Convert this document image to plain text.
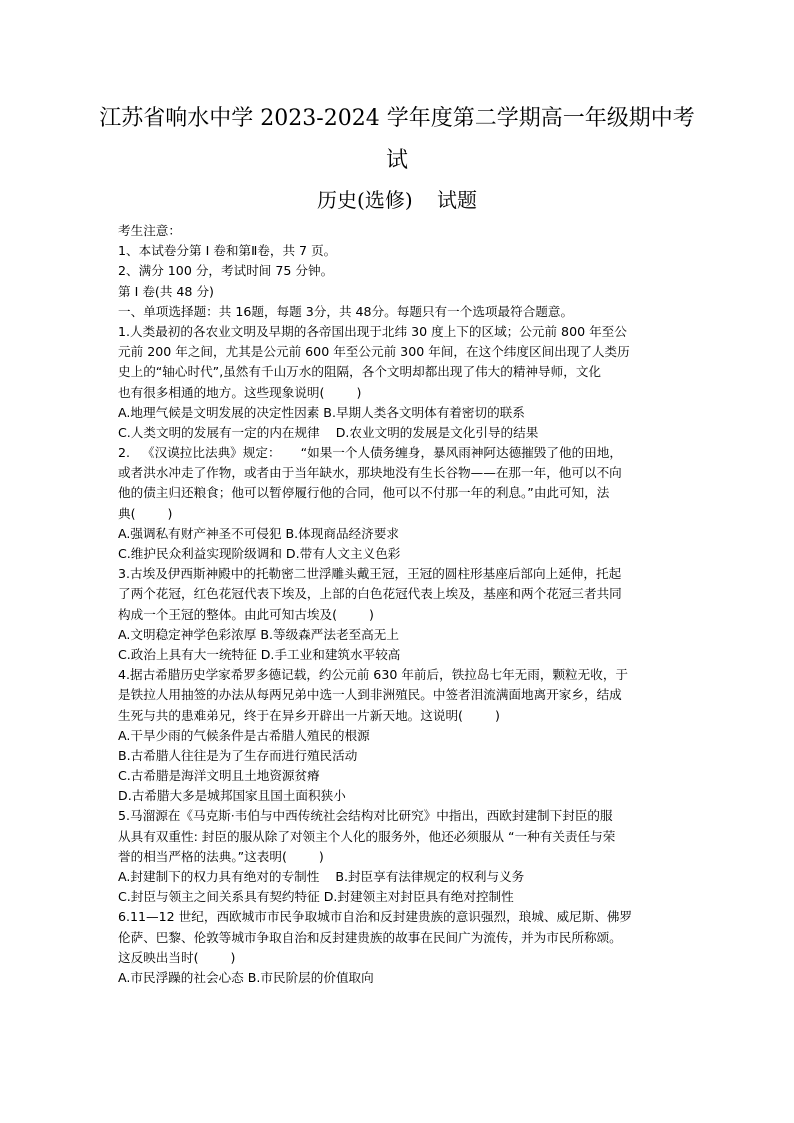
江苏省响水中学 2023-2024 学年度第二学期高一年级期中考
试
历史(选修) 试题
考生注意：
1、本试卷分第 I 卷和第Ⅱ卷，共 7 页。
2、满分 100 分，考试时间 75 分钟。
第 I 卷(共 48 分)
一、单项选择题：共 16题，每题 3分，共 48分。每题只有一个选项最符合题意。
1.人类最初的各农业文明及早期的各帝国出现于北纬 30 度上下的区域；公元前 800 年至公
元前 200 年之间，尤其是公元前 600 年至公元前 300 年间，在这个纬度区间出现了人类历
史上的“轴心时代”,虽然有千山万水的阻隔，各个文明却都出现了伟大的精神导师，文化
也有很多相通的地方。这些现象说明(        )
A.地理气候是文明发展的决定性因素 B.早期人类各文明体有着密切的联系
C.人类文明的发展有一定的内在规律    D.农业文明的发展是文化引导的结果
2.   《汉谟拉比法典》规定：     “如果一个人债务缠身，暴风雨神阿达德摧毁了他的田地，
或者洪水冲走了作物，或者由于当年缺水，那块地没有生长谷物——在那一年，他可以不向
他的债主归还粮食；他可以暂停履行他的合同，他可以不付那一年的利息。”由此可知，法
典(        )
A.强调私有财产神圣不可侵犯 B.体现商品经济要求
C.维护民众利益实现阶级调和 D.带有人文主义色彩
3.古埃及伊西斯神殿中的托勒密二世浮雕头戴王冠，王冠的圆柱形基座后部向上延伸，托起
了两个花冠，红色花冠代表下埃及，上部的白色花冠代表上埃及，基座和两个花冠三者共同
构成一个王冠的整体。由此可知古埃及(        )
A.文明稳定神学色彩浓厚 B.等级森严法老至高无上
C.政治上具有大一统特征 D.手工业和建筑水平较高
4.据古希腊历史学家希罗多德记载，约公元前 630 年前后，铁拉岛七年无雨，颗粒无收，于
是铁拉人用抽签的办法从每两兄弟中选一人到非洲殖民。中签者泪流满面地离开家乡，结成
生死与共的患难弟兄，终于在异乡开辟出一片新天地。这说明(        )
A.干旱少雨的气候条件是古希腊人殖民的根源
B.古希腊人往往是为了生存而进行殖民活动
C.古希腊是海洋文明且土地资源贫瘠
D.古希腊大多是城邦国家且国土面积狭小
5.马溜源在《马克斯·韦伯与中西传统社会结构对比研究》中指出，西欧封建制下封臣的服
从具有双重性: 封臣的服从除了对领主个人化的服务外，他还必须服从 “一种有关责任与荣
誉的相当严格的法典。”这表明(        )
A.封建制下的权力具有绝对的专制性    B.封臣享有法律规定的权利与义务
C.封臣与领主之间关系具有契约特征 D.封建领主对封臣具有绝对控制性
6.11—12 世纪，西欧城市市民争取城市自治和反封建贵族的意识强烈，琅城、威尼斯、佛罗
伦萨、巴黎、伦敦等城市争取自治和反封建贵族的故事在民间广为流传，并为市民所称颂。
这反映出当时(        )
A.市民浮躁的社会心态 B.市民阶层的价值取向
